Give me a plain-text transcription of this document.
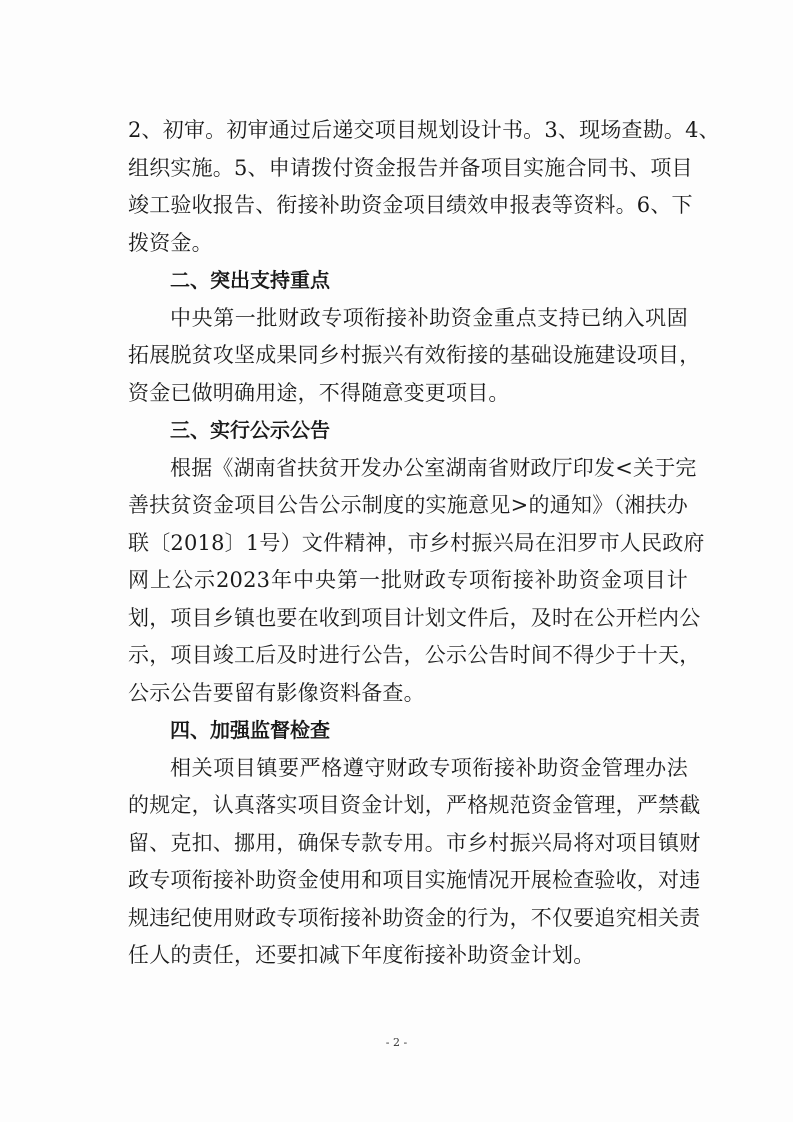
2、初审。初审通过后递交项目规划设计书。3、现场查勘。4、
组织实施。5、申请拨付资金报告并备项目实施合同书、项目
竣工验收报告、衔接补助资金项目绩效申报表等资料。6、下
拨资金。
二、突出支持重点
中央第一批财政专项衔接补助资金重点支持已纳入巩固
拓展脱贫攻坚成果同乡村振兴有效衔接的基础设施建设项目，
资金已做明确用途，不得随意变更项目。
三、实行公示公告
根据《湖南省扶贫开发办公室湖南省财政厅印发<关于完
善扶贫资金项目公告公示制度的实施意见>的通知》（湘扶办
联〔2018〕1号）文件精神，市乡村振兴局在汨罗市人民政府
网上公示2023年中央第一批财政专项衔接补助资金项目计
划，项目乡镇也要在收到项目计划文件后，及时在公开栏内公
示，项目竣工后及时进行公告，公示公告时间不得少于十天，
公示公告要留有影像资料备查。
四、加强监督检查
相关项目镇要严格遵守财政专项衔接补助资金管理办法
的规定，认真落实项目资金计划，严格规范资金管理，严禁截
留、克扣、挪用，确保专款专用。市乡村振兴局将对项目镇财
政专项衔接补助资金使用和项目实施情况开展检查验收，对违
规违纪使用财政专项衔接补助资金的行为，不仅要追究相关责
任人的责任，还要扣减下年度衔接补助资金计划。
- 2 -
